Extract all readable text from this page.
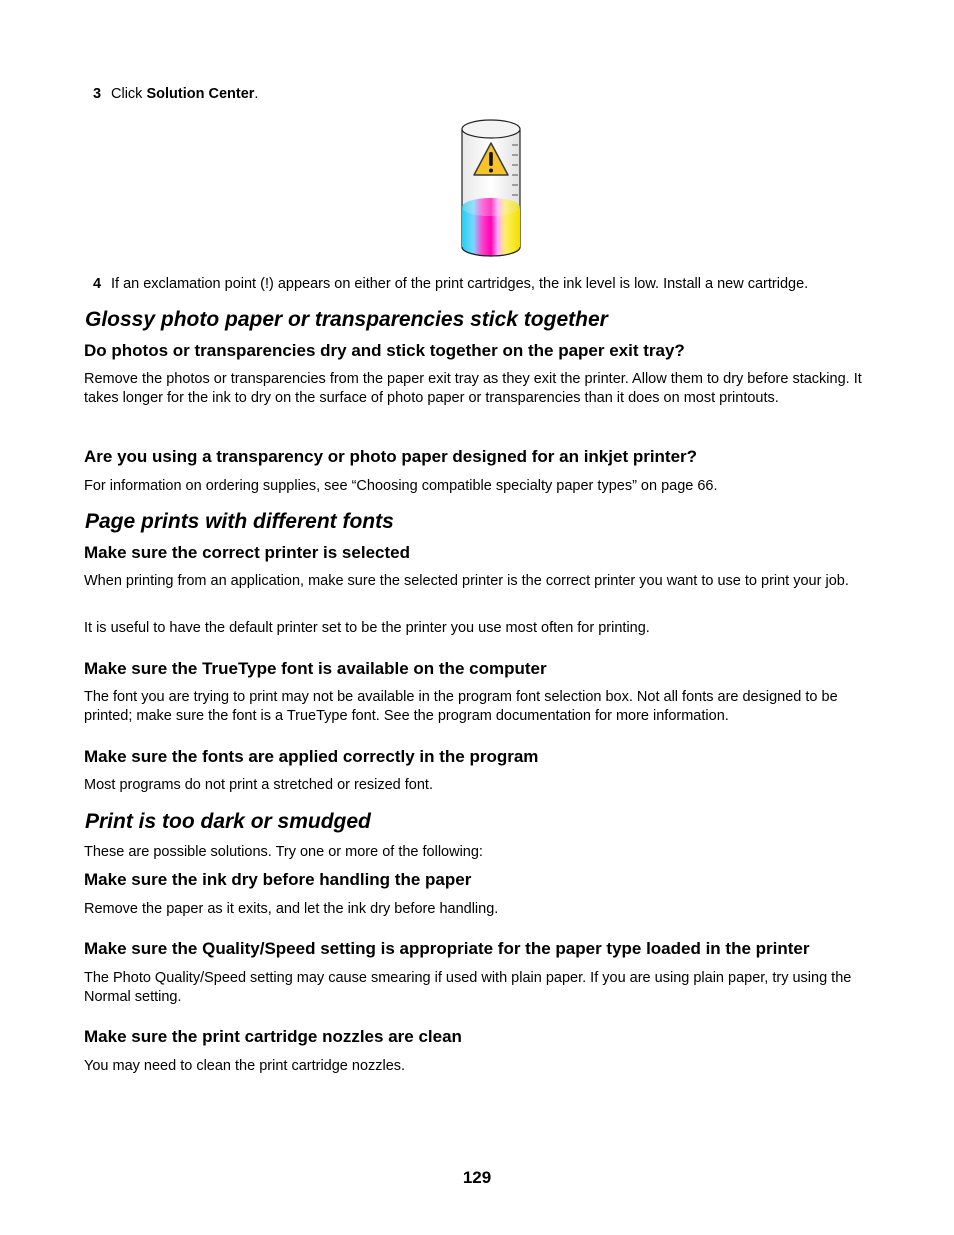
3 Click Solution Center.
4 If an exclamation point (!) appears on either of the print cartridges, the ink level is low. Install a new cartridge.
Glossy photo paper or transparencies stick together
Do photos or transparencies dry and stick together on the paper exit tray?
Remove the photos or transparencies from the paper exit tray as they exit the printer. Allow them to dry before stacking. It takes longer for the ink to dry on the surface of photo paper or transparencies than it does on most printouts.
Are you using a transparency or photo paper designed for an inkjet printer?
For information on ordering supplies, see “Choosing compatible specialty paper types” on page 66.
Page prints with different fonts
Make sure the correct printer is selected
When printing from an application, make sure the selected printer is the correct printer you want to use to print your job.
It is useful to have the default printer set to be the printer you use most often for printing.
Make sure the TrueType font is available on the computer
The font you are trying to print may not be available in the program font selection box. Not all fonts are designed to be printed; make sure the font is a TrueType font. See the program documentation for more information.
Make sure the fonts are applied correctly in the program
Most programs do not print a stretched or resized font.
Print is too dark or smudged
These are possible solutions. Try one or more of the following:
Make sure the ink dry before handling the paper
Remove the paper as it exits, and let the ink dry before handling.
Make sure the Quality/Speed setting is appropriate for the paper type loaded in the printer
The Photo Quality/Speed setting may cause smearing if used with plain paper. If you are using plain paper, try using the Normal setting.
Make sure the print cartridge nozzles are clean
You may need to clean the print cartridge nozzles.
129
